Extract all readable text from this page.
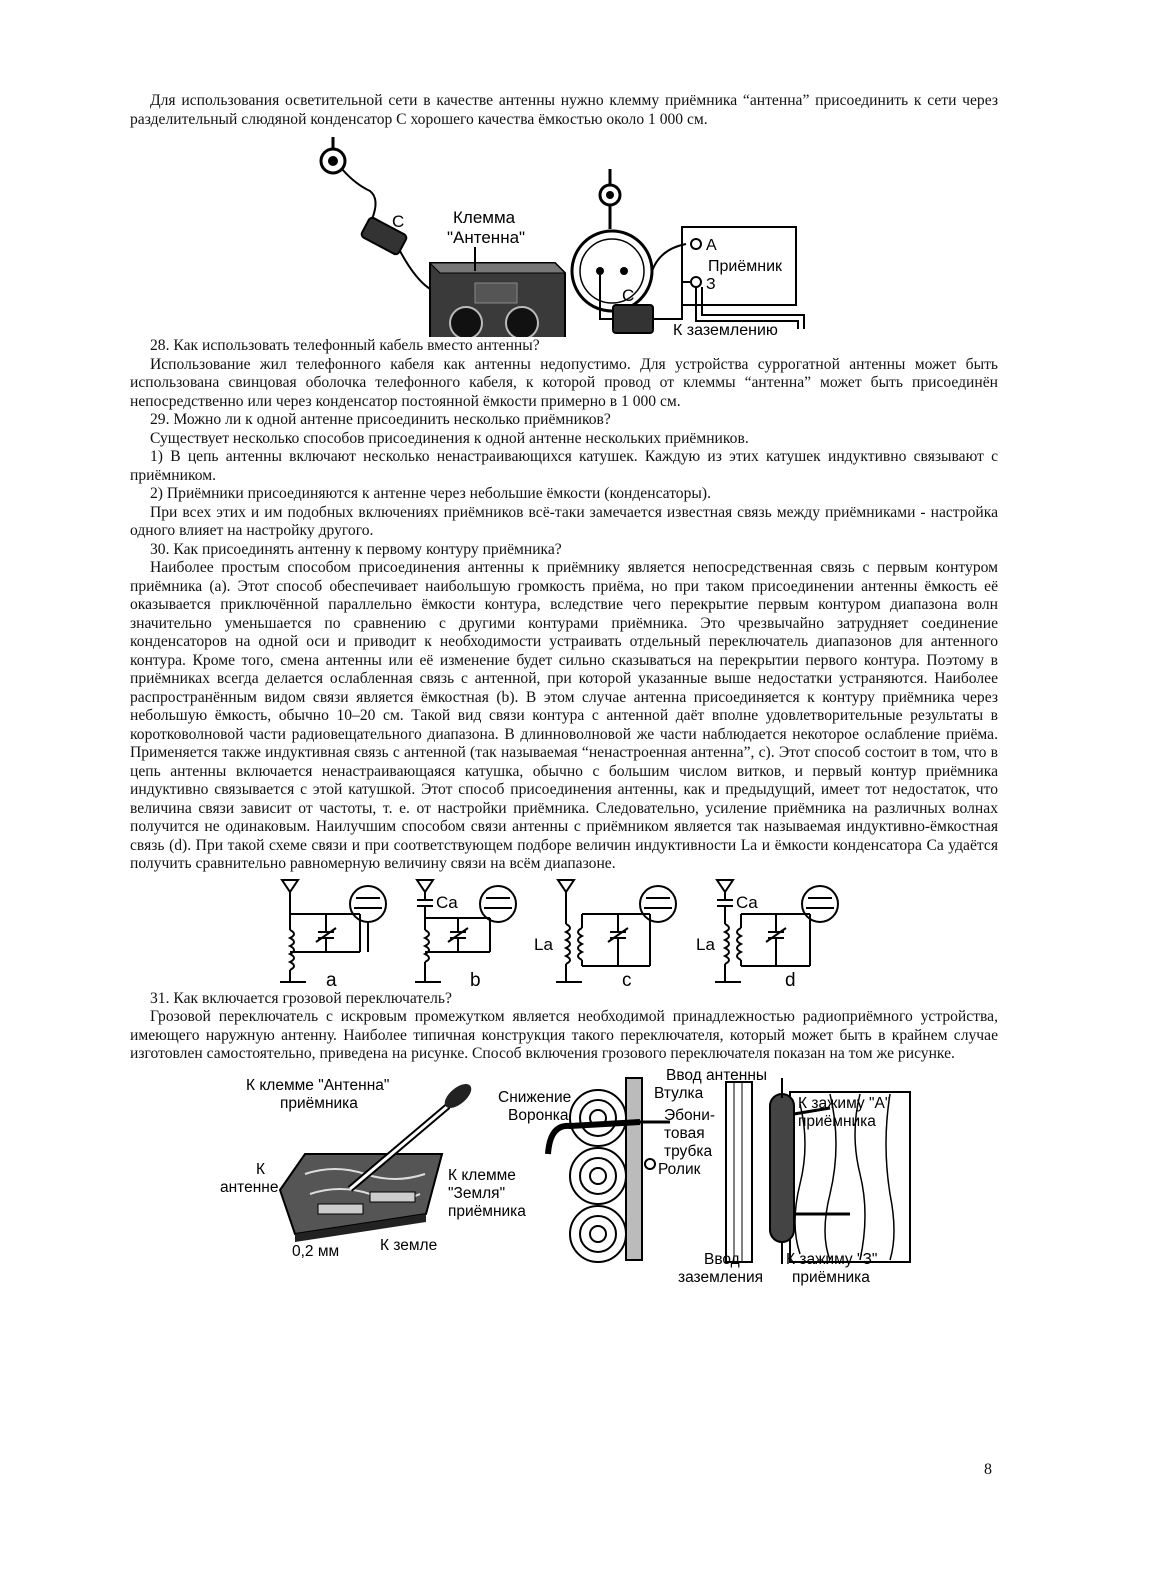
Для использования осветительной сети в качестве антенны нужно клемму приёмника “антенна” присоединить к сети через разделительный слюдяной конденсатор С хорошего качества ёмкостью около 1 000 см.

С	Клемма
"Антенна"
С
А
Приёмник
З
К заземлению

28. Как использовать телефонный кабель вместо антенны?

Использование жил телефонного кабеля как антенны недопустимо. Для устройства суррогатной антенны может быть использована свинцовая оболочка телефонного кабеля, к которой провод от клеммы “антенна” может быть присоединён непосредственно или через конденсатор постоянной ёмкости примерно в 1 000 см.

29. Можно ли к одной антенне присоединить несколько приёмников?

Существует несколько способов присоединения к одной антенне нескольких приёмников.

1) В цепь антенны включают несколько ненастраивающихся катушек. Каждую из этих катушек индуктивно связывают с приёмником.

2) Приёмники присоединяются к антенне через небольшие ёмкости (конденсаторы).

При всех этих и им подобных включениях приёмников всё-таки замечается известная связь между приёмниками - настройка одного влияет на настройку другого.

30. Как присоединять антенну к первому контуру приёмника?

Наиболее простым способом присоединения антенны к приёмнику является непосредственная связь с первым контуром приёмника (a). Этот способ обеспечивает наибольшую громкость приёма, но при таком присоединении антенны ёмкость её оказывается приключённой параллельно ёмкости контура, вследствие чего перекрытие первым контуром диапазона волн значительно уменьшается по сравнению с другими контурами приёмника. Это чрезвычайно затрудняет соединение конденсаторов на одной оси и приводит к необходимости устраивать отдельный переключатель диапазонов для антенного контура. Кроме того, смена антенны или её изменение будет сильно сказываться на перекрытии первого контура. Поэтому в приёмниках всегда делается ослабленная связь с антенной, при которой указанные выше недостатки устраняются. Наиболее распространённым видом связи является ёмкостная (b). В этом случае антенна присоединяется к контуру приёмника через небольшую ёмкость, обычно 10–20 см. Такой вид связи контура с антенной даёт вполне удовлетворительные результаты в коротковолновой части радиовещательного диапазона. В длинноволновой же части наблюдается некоторое ослабление приёма. Применяется также индуктивная связь с антенной (так называемая “ненастроенная антенна”, c). Этот способ состоит в том, что в цепь антенны включается ненастраивающаяся катушка, обычно с большим числом витков, и первый контур приёмника индуктивно связывается с этой катушкой. Этот способ присоединения антенны, как и предыдущий, имеет тот недостаток, что величина связи зависит от частоты, т. е. от настройки приёмника. Следовательно, усиление приёмника на различных волнах получится не одинаковым. Наилучшим способом связи антенны с приёмником является так называемая индуктивно-ёмкостная связь (d). При такой схеме связи и при соответствующем подборе величин индуктивности La и ёмкости конденсатора Ca удаётся получить сравнительно равномерную величину связи на всём диапазоне.

a	b	c	d
Ca
La	La
Ca

31. Как включается грозовой переключатель?

Грозовой переключатель с искровым промежутком является необходимой принадлежностью радиоприёмного устройства, имеющего наружную антенну. Наиболее типичная конструкция такого переключателя, который может быть в крайнем случае изготовлен самостоятельно, приведена на рисунке. Способ включения грозового переключателя показан на том же рисунке.

К клемме "Антенна"
приёмника
К
антенне
К клемме
"Земля"
приёмника
0,2 мм	К земле
Снижение
Воронка
Втулка
Эбони-
товая
трубка
Ролик
Ввод антенны
К зажиму "А"
приёмника
Ввод
заземления
К зажиму "З"
приёмника
8
